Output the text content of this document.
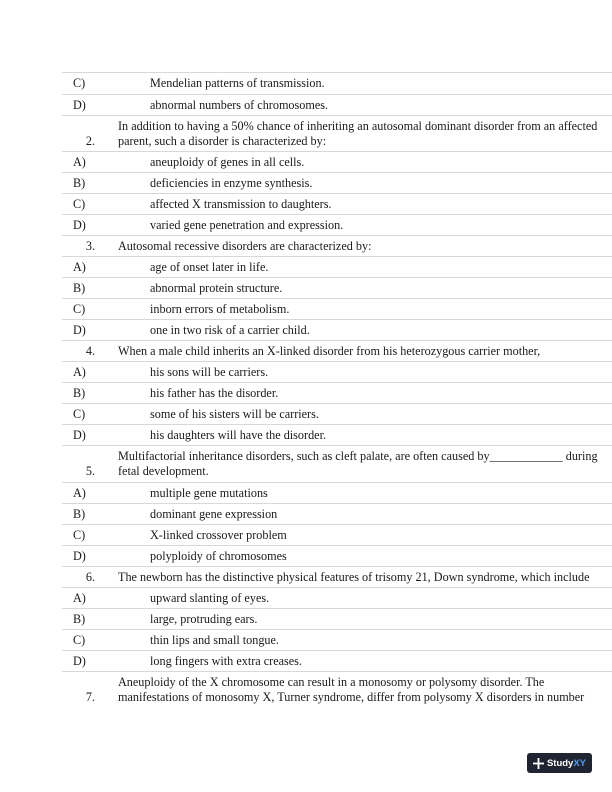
C)	Mendelian patterns of transmission.
D)	abnormal numbers of chromosomes.
2.
In addition to having a 50% chance of inheriting an autosomal dominant disorder from an affected
parent, such a disorder is characterized by:
A)	aneuploidy of genes in all cells.
B)	deficiencies in enzyme synthesis.
C)	affected X transmission to daughters.
D)	varied gene penetration and expression.
3. Autosomal recessive disorders are characterized by:
A)	age of onset later in life.
B)	abnormal protein structure.
C)	inborn errors of metabolism.
D)	one in two risk of a carrier child.
4. When a male child inherits an X-linked disorder from his heterozygous carrier mother,
A)	his sons will be carriers.
B)	his father has the disorder.
C)	some of his sisters will be carriers.
D)	his daughters will have the disorder.
5.
Multifactorial inheritance disorders, such as cleft palate, are often caused by____________ during
fetal development.
A)	multiple gene mutations
B)	dominant gene expression
C)	X-linked crossover problem
D)	polyploidy of chromosomes
6. The newborn has the distinctive physical features of trisomy 21, Down syndrome, which include
A)	upward slanting of eyes.
B)	large, protruding ears.
C)	thin lips and small tongue.
D)	long fingers with extra creases.
7.
Aneuploidy of the X chromosome can result in a monosomy or polysomy disorder. The
manifestations of monosomy X, Turner syndrome, differ from polysomy X disorders in number
StudyXY
